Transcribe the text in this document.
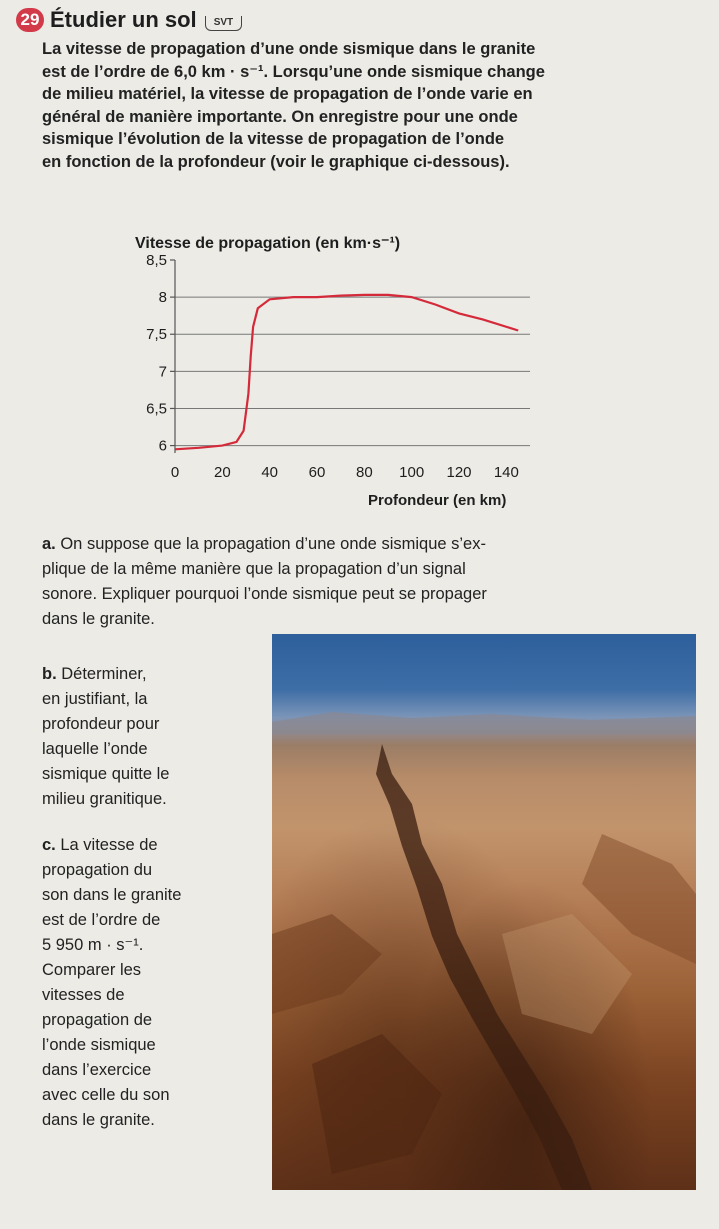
29 Étudier un sol	SVT
La vitesse de propagation d’une onde sismique dans le granite
est de l’ordre de 6,0 km · s⁻¹. Lorsqu’une onde sismique change
de milieu matériel, la vitesse de propagation de l’onde varie en
général de manière importante. On enregistre pour une onde
sismique l’évolution de la vitesse de propagation de l’onde
en fonction de la profondeur (voir le graphique ci-dessous).
Vitesse de propagation (en km·s⁻¹)
6
6,5
7
7,5
8
8,5
0 20 40 60 80 100 120 140
Profondeur (en km)
a. On suppose que la propagation d’une onde sismique s’ex-
plique de la même manière que la propagation d’un signal
sonore. Expliquer pourquoi l’onde sismique peut se propager
dans le granite.
b. Déterminer,
en justifiant, la
profondeur pour
laquelle l’onde
sismique quitte le
milieu granitique.
c. La vitesse de
propagation du
son dans le granite
est de l’ordre de
5 950 m · s⁻¹.
Comparer les
vitesses de
propagation de
l’onde sismique
dans l’exercice
avec celle du son
dans le granite.
